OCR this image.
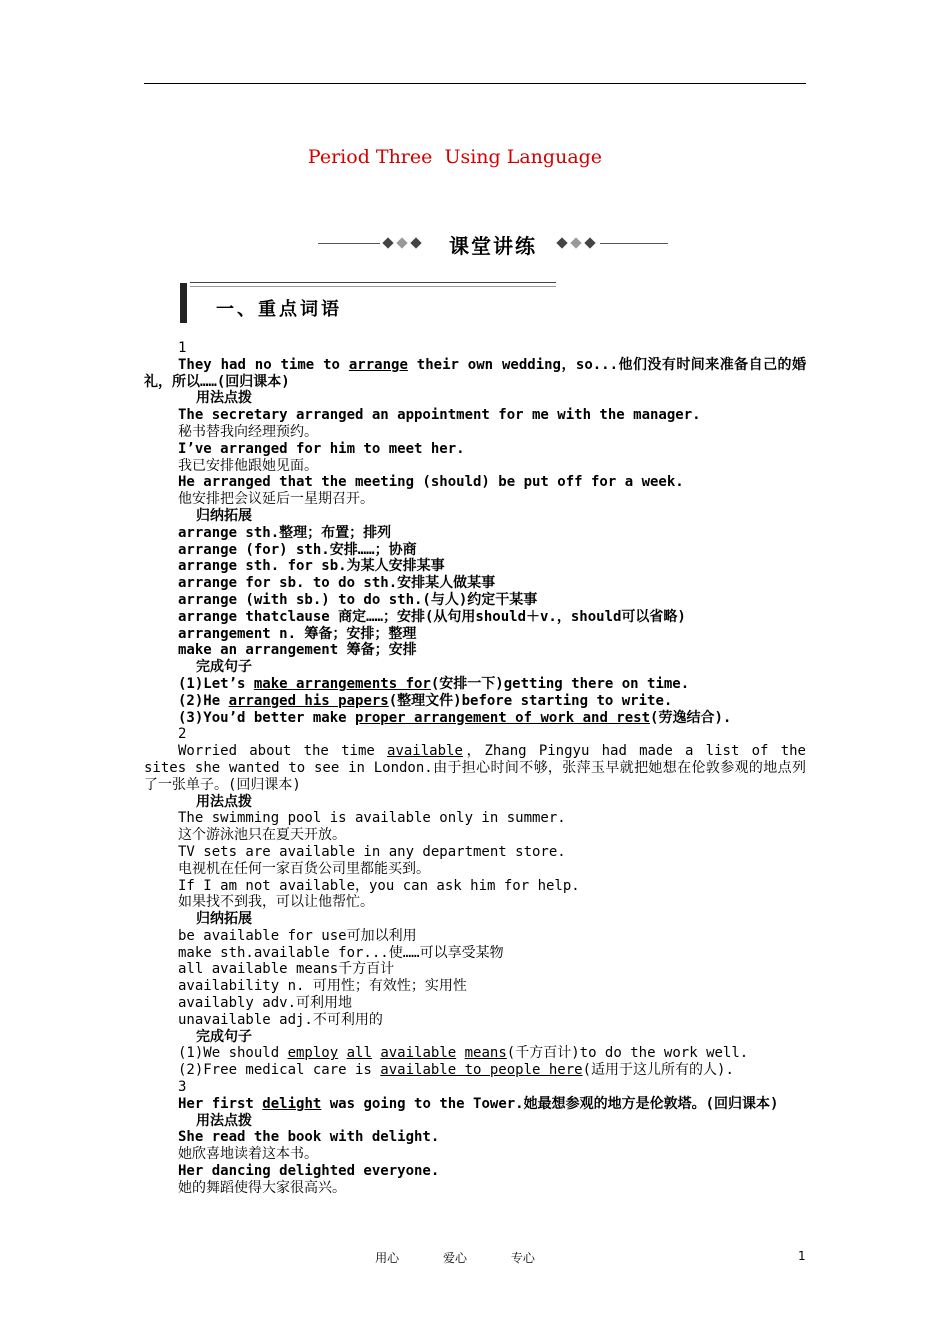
Period Three  Using Language
课堂讲练
一、重点词语

1

They had no time to arrange their own wedding，so...他们没有时间来准备自己的婚礼，所以……(回归课本)

用法点拨

The secretary arranged an appointment for me with the manager.

秘书替我向经理预约。

I’ve arranged for him to meet her.

我已安排他跟她见面。

He arranged that the meeting (should) be put off for a week.

他安排把会议延后一星期召开。

归纳拓展

arrange sth.整理；布置；排列

arrange (for) sth.安排……；协商

arrange sth. for sb.为某人安排某事

arrange for sb. to do sth.安排某人做某事

arrange (with sb.) to do sth.(与人)约定干某事

arrange thatclause 商定……；安排(从句用should＋v.，should可以省略)

arrangement n. 筹备；安排；整理

make an arrangement 筹备；安排

完成句子

(1)Let’s make arrangements for(安排一下)getting there on time.

(2)He arranged his papers(整理文件)before starting to write.

(3)You’d better make proper arrangement of work and rest(劳逸结合).

2

Worried about the time available，Zhang Pingyu had made a list of the sites she wanted to see in London.由于担心时间不够，张萍玉早就把她想在伦敦参观的地点列了一张单子。(回归课本)

用法点拨

The swimming pool is available only in summer.

这个游泳池只在夏天开放。

TV sets are available in any department store.

电视机在任何一家百货公司里都能买到。

If I am not available，you can ask him for help.

如果找不到我，可以让他帮忙。

归纳拓展

be available for use可加以利用

make sth.available for...使……可以享受某物

all available means千方百计

availability n. 可用性；有效性；实用性

availably adv.可利用地

unavailable adj.不可利用的

完成句子

(1)We should employ all available means(千方百计)to do the work well.

(2)Free medical care is available to people here(适用于这儿所有的人).

3

Her first delight was going to the Tower.她最想参观的地方是伦敦塔。(回归课本)

用法点拨

She read the book with delight.

她欣喜地读着这本书。

Her dancing delighted everyone.

她的舞蹈使得大家很高兴。

用心	爱心	专心	1
